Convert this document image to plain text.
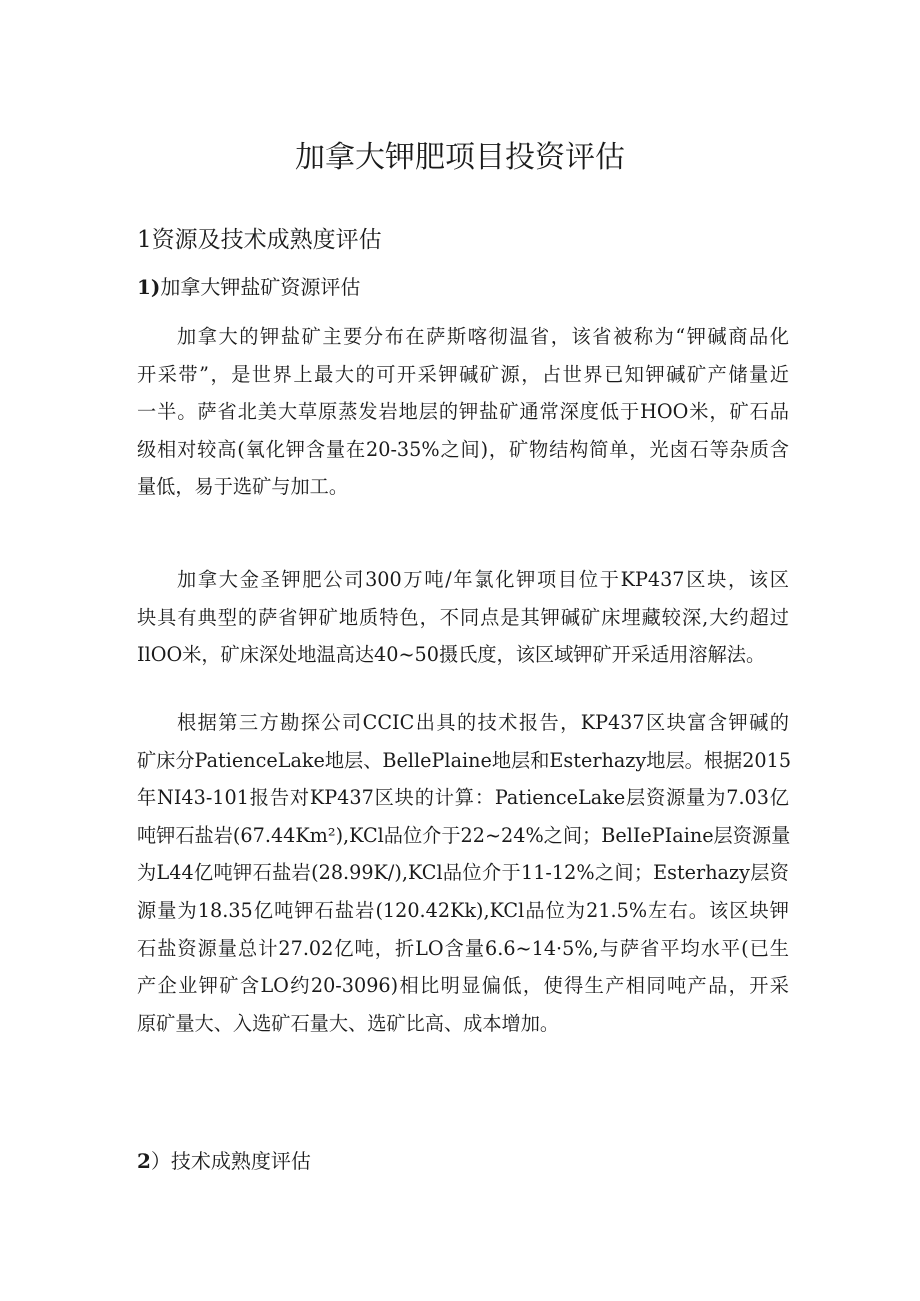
加拿大钾肥项目投资评估
1资源及技术成熟度评估
1)加拿大钾盐矿资源评估
加拿大的钾盐矿主要分布在萨斯喀彻温省，该省被称为“钾碱商品化
开采带”，是世界上最大的可开采钾碱矿源，占世界已知钾碱矿产储量近
一半。萨省北美大草原蒸发岩地层的钾盐矿通常深度低于HOO米，矿石品
级相对较高(氧化钾含量在20-35%之间)，矿物结构简单，光卤石等杂质含
量低，易于选矿与加工。
加拿大金圣钾肥公司300万吨/年氯化钾项目位于KP437区块，该区
块具有典型的萨省钾矿地质特色，不同点是其钾碱矿床埋藏较深,大约超过
IlOO米，矿床深处地温高达40~50摄氏度，该区域钾矿开采适用溶解法。
根据第三方勘探公司CCIC出具的技术报告，KP437区块富含钾碱的
矿床分PatienceLake地层、BellePlaine地层和Esterhazy地层。根据2015
年NI43-101报告对KP437区块的计算：PatienceLake层资源量为7.03亿
吨钾石盐岩(67.44Km²),KCl品位介于22~24%之间；BelIePIaine层资源量
为L44亿吨钾石盐岩(28.99K/),KCl品位介于11-12%之间；Esterhazy层资
源量为18.35亿吨钾石盐岩(120.42Kk),KCl品位为21.5%左右。该区块钾
石盐资源量总计27.02亿吨，折LO含量6.6~14·5%,与萨省平均水平(已生
产企业钾矿含LO约20-3096)相比明显偏低，使得生产相同吨产品，开采
原矿量大、入选矿石量大、选矿比高、成本增加。
2）技术成熟度评估
